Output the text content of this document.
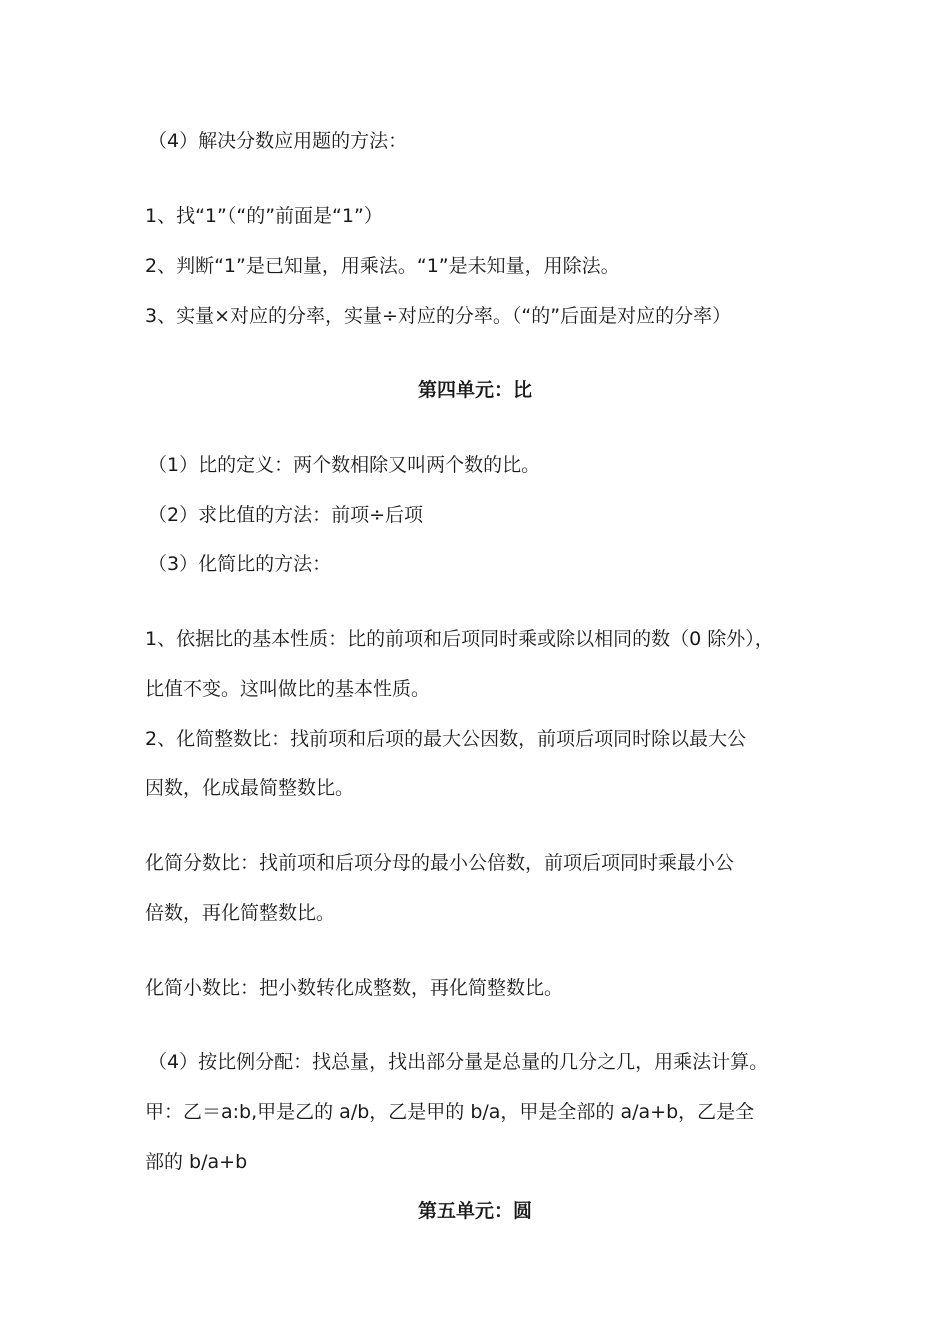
（4）解决分数应用题的方法：
1、找“1”（“的”前面是“1”）
2、判断“1”是已知量，用乘法。“1”是未知量，用除法。
3、实量×对应的分率，实量÷对应的分率。（“的”后面是对应的分率）
第四单元：比
（1）比的定义：两个数相除又叫两个数的比。
（2）求比值的方法：前项÷后项
（3）化简比的方法：
1、依据比的基本性质：比的前项和后项同时乘或除以相同的数（0 除外），
比值不变。这叫做比的基本性质。
2、化简整数比：找前项和后项的最大公因数，前项后项同时除以最大公
因数，化成最简整数比。
化简分数比：找前项和后项分母的最小公倍数，前项后项同时乘最小公
倍数，再化简整数比。
化简小数比：把小数转化成整数，再化简整数比。
（4）按比例分配：找总量，找出部分量是总量的几分之几，用乘法计算。
甲：乙＝a:b,甲是乙的 a/b，乙是甲的 b/a，甲是全部的 a/a+b，乙是全
部的 b/a+b
第五单元：圆
